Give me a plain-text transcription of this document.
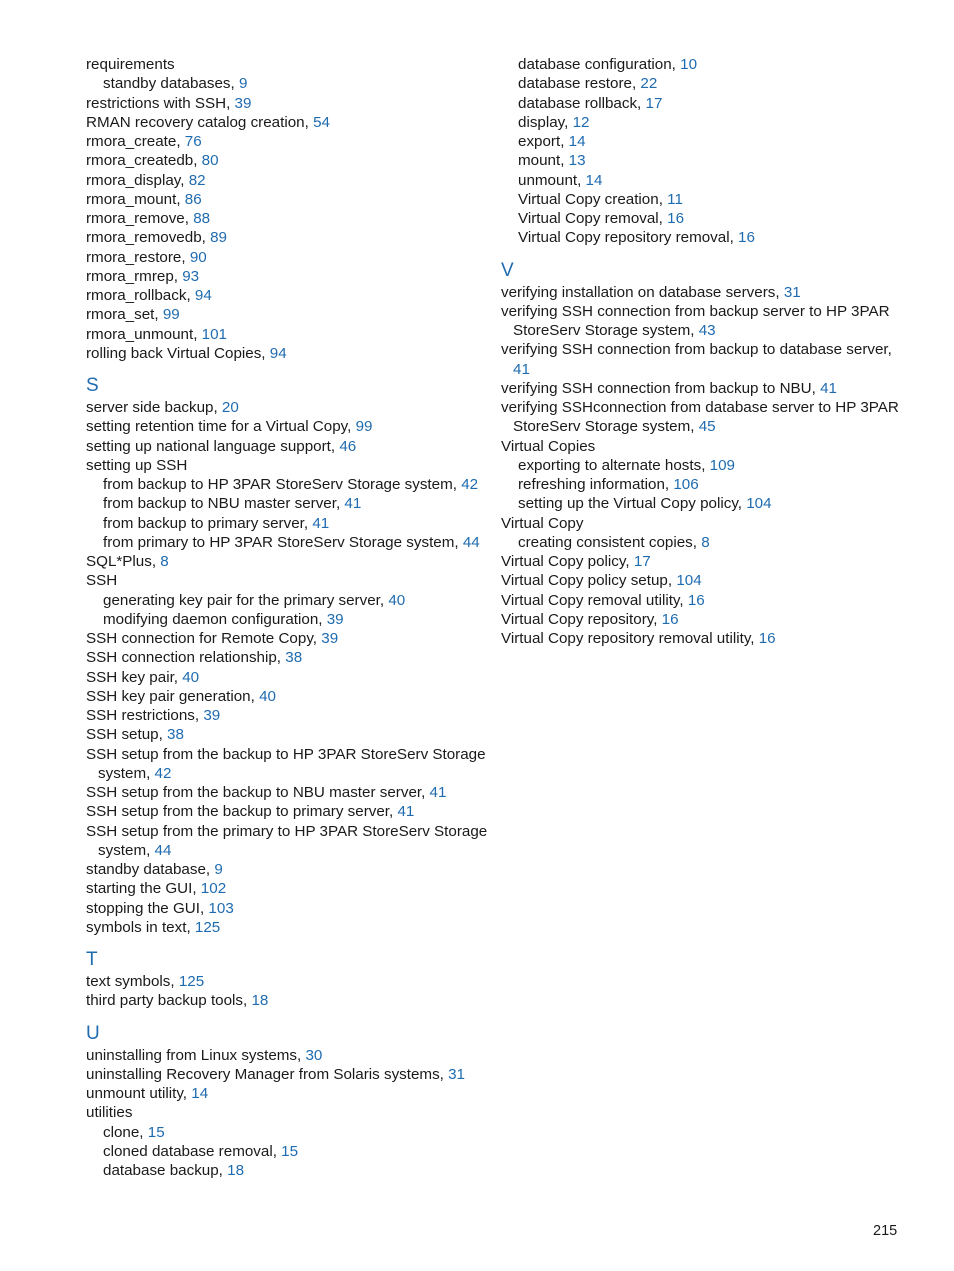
requirements
standby databases, 9
restrictions with SSH, 39
RMAN recovery catalog creation, 54
rmora_create, 76
rmora_createdb, 80
rmora_display, 82
rmora_mount, 86
rmora_remove, 88
rmora_removedb, 89
rmora_restore, 90
rmora_rmrep, 93
rmora_rollback, 94
rmora_set, 99
rmora_unmount, 101
rolling back Virtual Copies, 94
S
server side backup, 20
setting retention time for a Virtual Copy, 99
setting up national language support, 46
setting up SSH
from backup to HP 3PAR StoreServ Storage system, 42
from backup to NBU master server, 41
from backup to primary server, 41
from primary to HP 3PAR StoreServ Storage system, 44
SQL*Plus, 8
SSH
generating key pair for the primary server, 40
modifying daemon configuration, 39
SSH connection for Remote Copy, 39
SSH connection relationship, 38
SSH key pair, 40
SSH key pair generation, 40
SSH restrictions, 39
SSH setup, 38
SSH setup from the backup to HP 3PAR StoreServ Storage system, 42
SSH setup from the backup to NBU master server, 41
SSH setup from the backup to primary server, 41
SSH setup from the primary to HP 3PAR StoreServ Storage system, 44
standby database, 9
starting the GUI, 102
stopping the GUI, 103
symbols in text, 125
T
text symbols, 125
third party backup tools, 18
U
uninstalling from Linux systems, 30
uninstalling Recovery Manager from Solaris systems, 31
unmount utility, 14
utilities
clone, 15
cloned database removal, 15
database backup, 18
database configuration, 10
database restore, 22
database rollback, 17
display, 12
export, 14
mount, 13
unmount, 14
Virtual Copy creation, 11
Virtual Copy removal, 16
Virtual Copy repository removal, 16
V
verifying installation on database servers, 31
verifying SSH connection from backup server to HP 3PAR StoreServ Storage system, 43
verifying SSH connection from backup to database server, 41
verifying SSH connection from backup to NBU, 41
verifying SSHconnection from database server to HP 3PAR StoreServ Storage system, 45
Virtual Copies
exporting to alternate hosts, 109
refreshing information, 106
setting up the Virtual Copy policy, 104
Virtual Copy
creating consistent copies, 8
Virtual Copy policy, 17
Virtual Copy policy setup, 104
Virtual Copy removal utility, 16
Virtual Copy repository, 16
Virtual Copy repository removal utility, 16
215
